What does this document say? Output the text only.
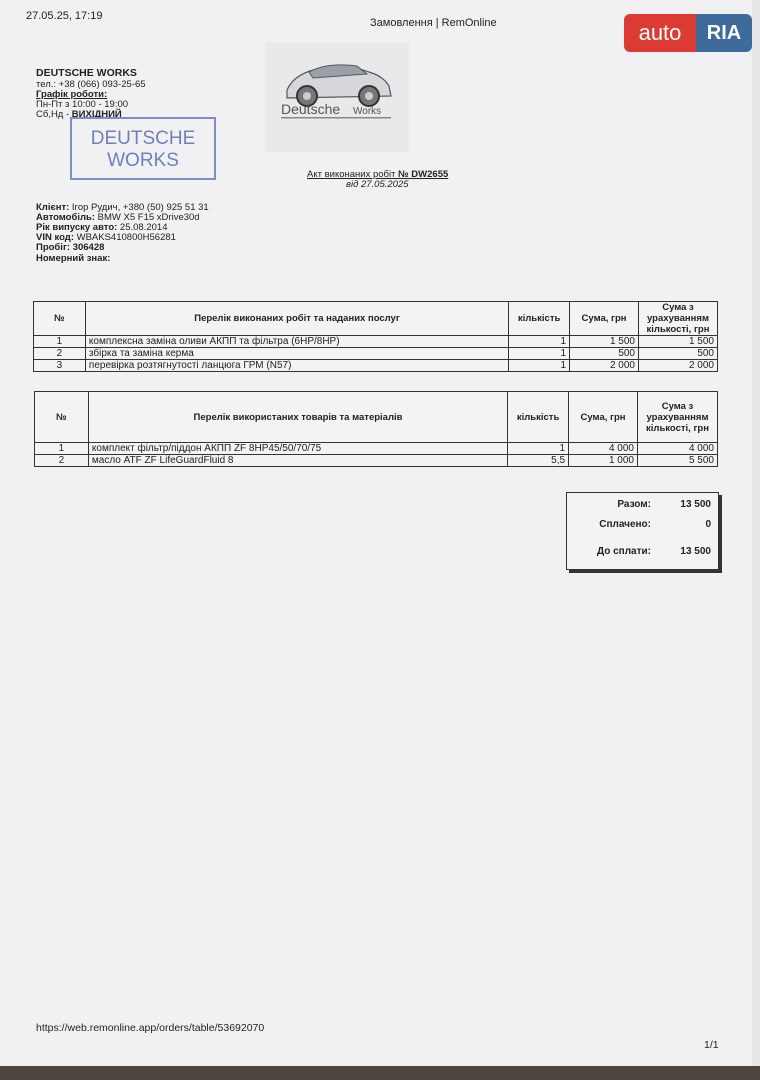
27.05.25, 17:19
Замовлення | RemOnline	auto	RIA
DEUTSCHE WORKS
тел.: +38 (066) 093-25-65
Графік роботи:
Пн-Пт з 10:00 - 19:00
Сб,Нд - ВИХІДНИЙ
DEUTSCHE
WORKS
Deutsche Works
Акт виконаних робіт № DW2655
від 27.05.2025
Клієнт: Ігор Рудич, +380 (50) 925 51 31
Автомобіль: BMW X5 F15 xDrive30d
Рік випуску авто: 25.08.2014
VIN код: WBAKS410800H56281
Пробіг: 306428
Номерний знак:
№	Перелік виконаних робіт та наданих послуг	кількість	Сума, грн	Сума з урахуванням кількості, грн
1	комплексна заміна оливи АКПП та фільтра (6HP/8HP)	1	1 500	1 500
2	збірка та заміна керма	1	500	500
3	перевірка розтягнутості ланцюга ГРМ (N57)	1	2 000	2 000
№	Перелік використаних товарів та матеріалів	кількість	Сума, грн	Сума з урахуванням кількості, грн
1	комплект фільтр/піддон АКПП ZF 8HP45/50/70/75	1	4 000	4 000
2	масло ATF ZF LifeGuardFluid 8	5,5	1 000	5 500
Разом:	13 500
Сплачено:	0
До сплати:	13 500
https://web.remonline.app/orders/table/53692070
1/1
